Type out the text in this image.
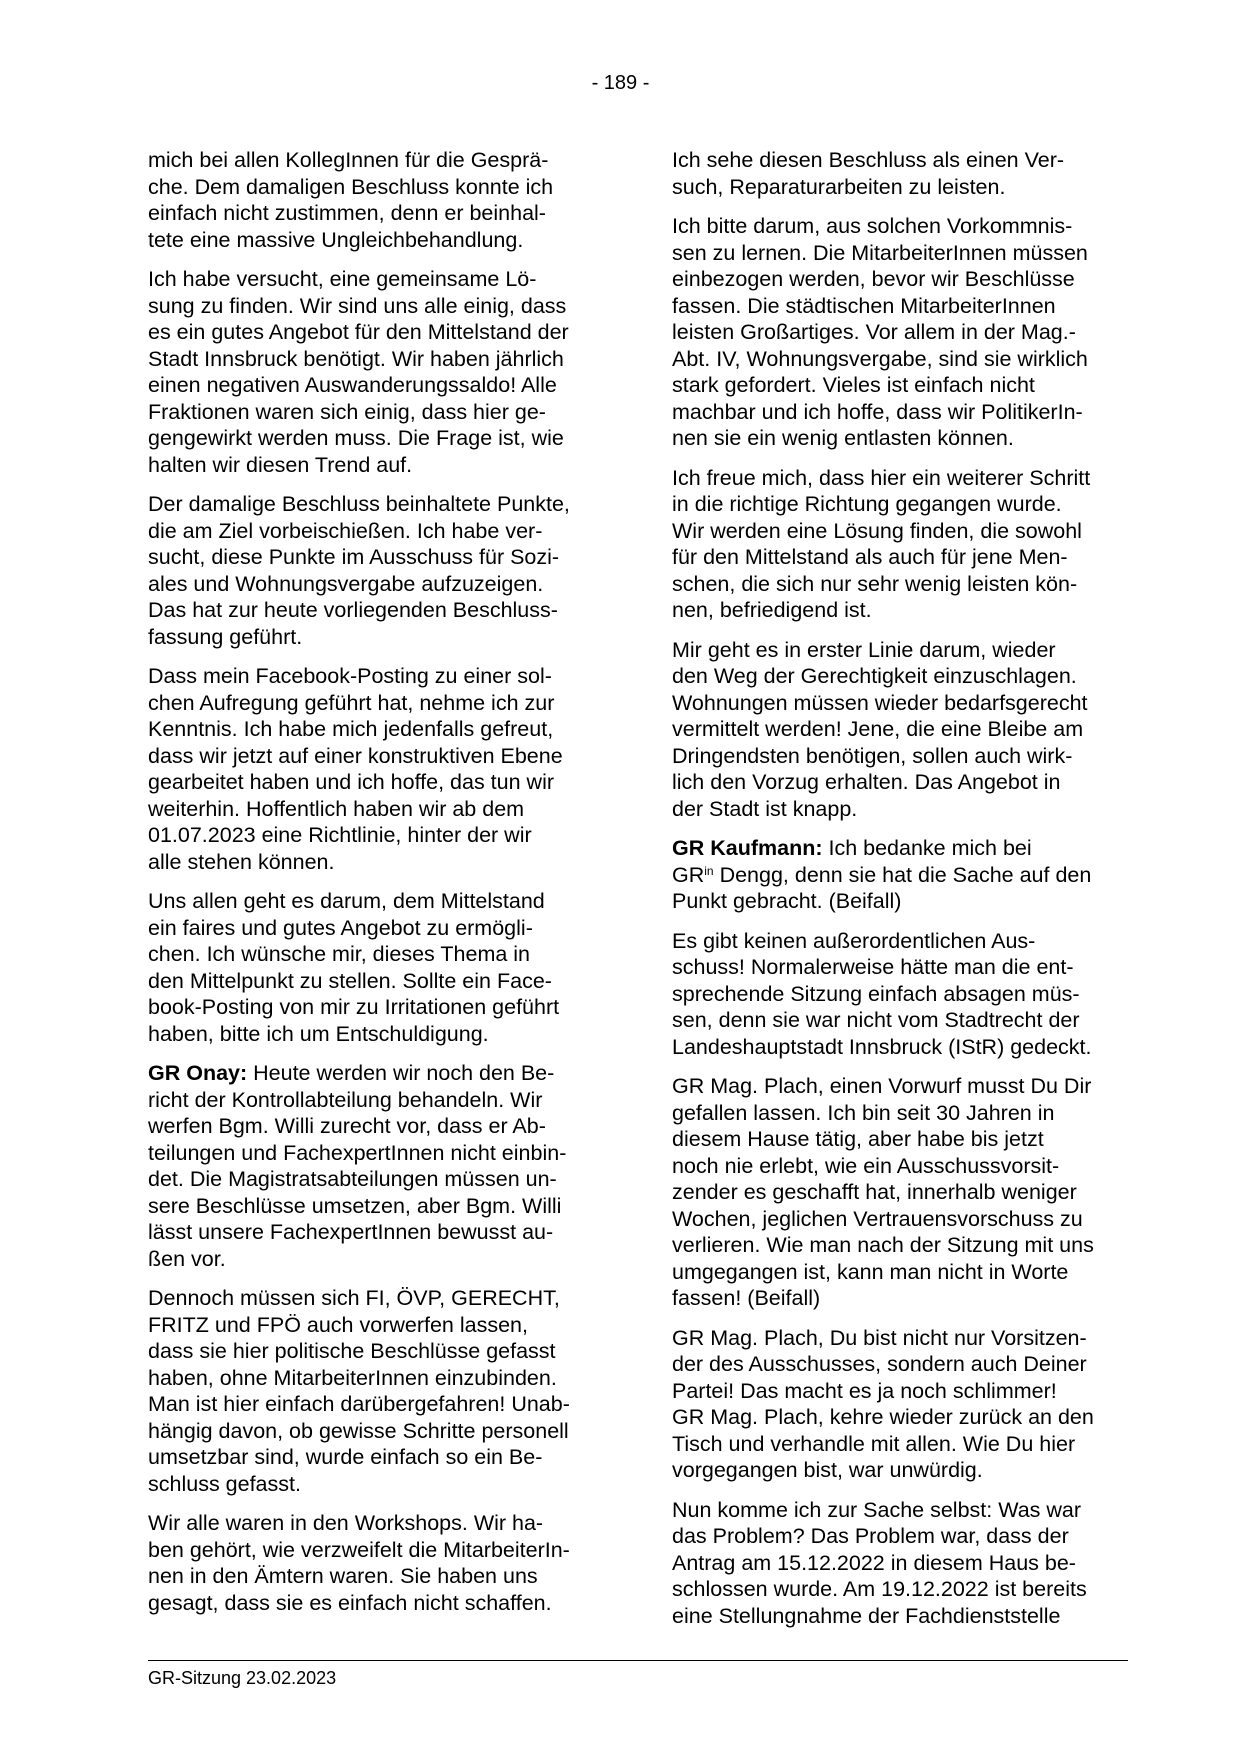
- 189 -

mich bei allen KollegInnen für die Gesprä-
che. Dem damaligen Beschluss konnte ich
einfach nicht zustimmen, denn er beinhal-
tete eine massive Ungleichbehandlung.

Ich habe versucht, eine gemeinsame Lö-
sung zu finden. Wir sind uns alle einig, dass
es ein gutes Angebot für den Mittelstand der
Stadt Innsbruck benötigt. Wir haben jährlich
einen negativen Auswanderungssaldo! Alle
Fraktionen waren sich einig, dass hier ge-
gengewirkt werden muss. Die Frage ist, wie
halten wir diesen Trend auf.

Der damalige Beschluss beinhaltete Punkte,
die am Ziel vorbeischießen. Ich habe ver-
sucht, diese Punkte im Ausschuss für Sozi-
ales und Wohnungsvergabe aufzuzeigen.
Das hat zur heute vorliegenden Beschluss-
fassung geführt.

Dass mein Facebook-Posting zu einer sol-
chen Aufregung geführt hat, nehme ich zur
Kenntnis. Ich habe mich jedenfalls gefreut,
dass wir jetzt auf einer konstruktiven Ebene
gearbeitet haben und ich hoffe, das tun wir
weiterhin. Hoffentlich haben wir ab dem
01.07.2023 eine Richtlinie, hinter der wir
alle stehen können.

Uns allen geht es darum, dem Mittelstand
ein faires und gutes Angebot zu ermögli-
chen. Ich wünsche mir, dieses Thema in
den Mittelpunkt zu stellen. Sollte ein Face-
book-Posting von mir zu Irritationen geführt
haben, bitte ich um Entschuldigung.

GR Onay: Heute werden wir noch den Be-
richt der Kontrollabteilung behandeln. Wir
werfen Bgm. Willi zurecht vor, dass er Ab-
teilungen und FachexpertInnen nicht einbin-
det. Die Magistratsabteilungen müssen un-
sere Beschlüsse umsetzen, aber Bgm. Willi
lässt unsere FachexpertInnen bewusst au-
ßen vor.

Dennoch müssen sich FI, ÖVP, GERECHT,
FRITZ und FPÖ auch vorwerfen lassen,
dass sie hier politische Beschlüsse gefasst
haben, ohne MitarbeiterInnen einzubinden.
Man ist hier einfach darübergefahren! Unab-
hängig davon, ob gewisse Schritte personell
umsetzbar sind, wurde einfach so ein Be-
schluss gefasst.

Wir alle waren in den Workshops. Wir ha-
ben gehört, wie verzweifelt die MitarbeiterIn-
nen in den Ämtern waren. Sie haben uns
gesagt, dass sie es einfach nicht schaffen.

Ich sehe diesen Beschluss als einen Ver-
such, Reparaturarbeiten zu leisten.

Ich bitte darum, aus solchen Vorkommnis-
sen zu lernen. Die MitarbeiterInnen müssen
einbezogen werden, bevor wir Beschlüsse
fassen. Die städtischen MitarbeiterInnen
leisten Großartiges. Vor allem in der Mag.-
Abt. IV, Wohnungsvergabe, sind sie wirklich
stark gefordert. Vieles ist einfach nicht
machbar und ich hoffe, dass wir PolitikerIn-
nen sie ein wenig entlasten können.

Ich freue mich, dass hier ein weiterer Schritt
in die richtige Richtung gegangen wurde.
Wir werden eine Lösung finden, die sowohl
für den Mittelstand als auch für jene Men-
schen, die sich nur sehr wenig leisten kön-
nen, befriedigend ist.

Mir geht es in erster Linie darum, wieder
den Weg der Gerechtigkeit einzuschlagen.
Wohnungen müssen wieder bedarfsgerecht
vermittelt werden! Jene, die eine Bleibe am
Dringendsten benötigen, sollen auch wirk-
lich den Vorzug erhalten. Das Angebot in
der Stadt ist knapp.

GR Kaufmann: Ich bedanke mich bei
$GR^{in}$ Dengg, denn sie hat die Sache auf den
Punkt gebracht. (Beifall)

Es gibt keinen außerordentlichen Aus-
schuss! Normalerweise hätte man die ent-
sprechende Sitzung einfach absagen müs-
sen, denn sie war nicht vom Stadtrecht der
Landeshauptstadt Innsbruck (IStR) gedeckt.

GR Mag. Plach, einen Vorwurf musst Du Dir
gefallen lassen. Ich bin seit 30 Jahren in
diesem Hause tätig, aber habe bis jetzt
noch nie erlebt, wie ein Ausschussvorsit-
zender es geschafft hat, innerhalb weniger
Wochen, jeglichen Vertrauensvorschuss zu
verlieren. Wie man nach der Sitzung mit uns
umgegangen ist, kann man nicht in Worte
fassen! (Beifall)

GR Mag. Plach, Du bist nicht nur Vorsitzen-
der des Ausschusses, sondern auch Deiner
Partei! Das macht es ja noch schlimmer!
GR Mag. Plach, kehre wieder zurück an den
Tisch und verhandle mit allen. Wie Du hier
vorgegangen bist, war unwürdig.

Nun komme ich zur Sache selbst: Was war
das Problem? Das Problem war, dass der
Antrag am 15.12.2022 in diesem Haus be-
schlossen wurde. Am 19.12.2022 ist bereits
eine Stellungnahme der Fachdienststelle

GR-Sitzung 23.02.2023
